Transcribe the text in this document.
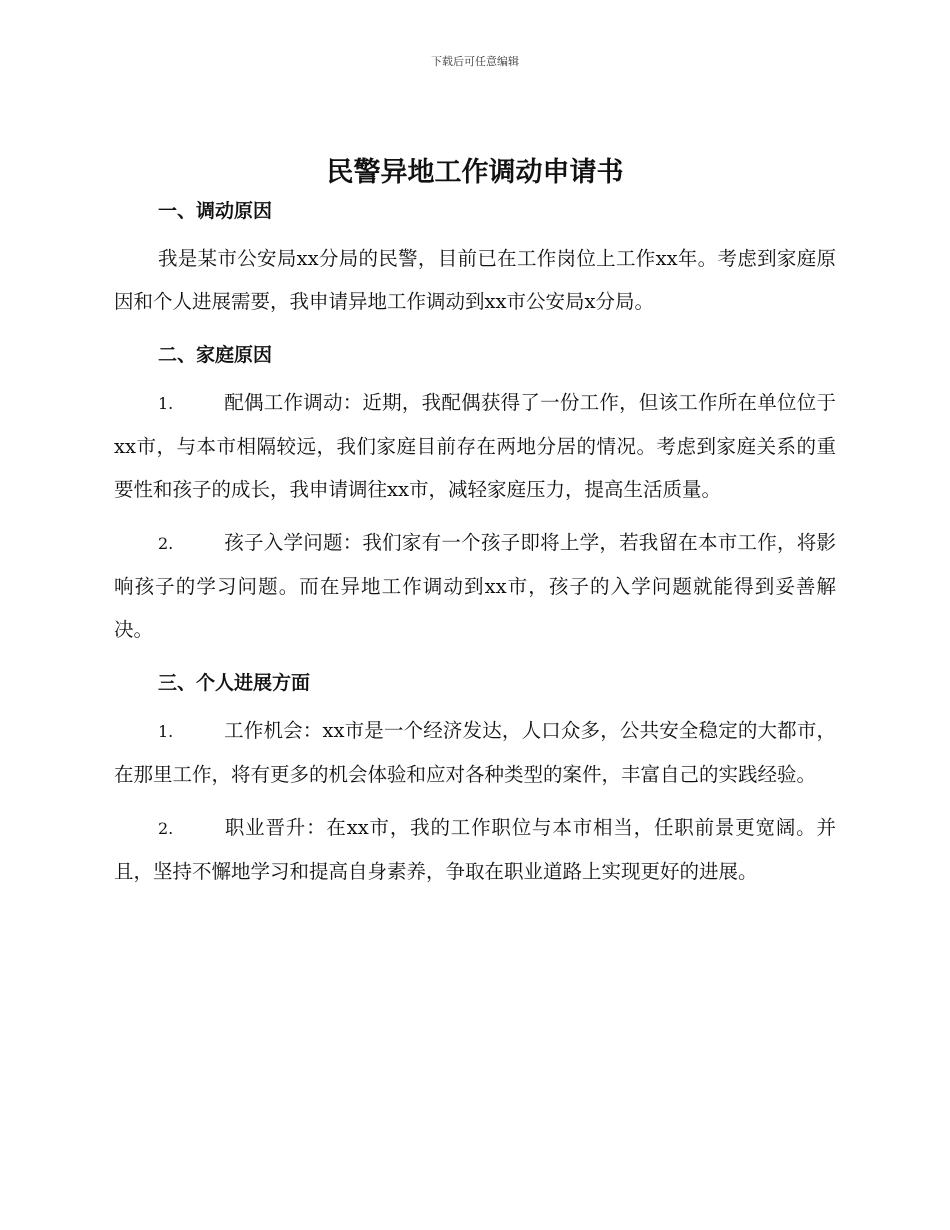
下载后可任意编辑
民警异地工作调动申请书
一、调动原因

我是某市公安局xx分局的民警，目前已在工作岗位上工作xx年。考虑到家庭原因和个人进展需要，我申请异地工作调动到xx市公安局x分局。

二、家庭原因

1.	配偶工作调动：近期，我配偶获得了一份工作，但该工作所在单位位于xx市，与本市相隔较远，我们家庭目前存在两地分居的情况。考虑到家庭关系的重要性和孩子的成长，我申请调往xx市，减轻家庭压力，提高生活质量。

2.	孩子入学问题：我们家有一个孩子即将上学，若我留在本市工作，将影响孩子的学习问题。而在异地工作调动到xx市，孩子的入学问题就能得到妥善解决。

三、个人进展方面

1.	工作机会：xx市是一个经济发达，人口众多，公共安全稳定的大都市，在那里工作，将有更多的机会体验和应对各种类型的案件，丰富自己的实践经验。

2.	职业晋升：在xx市，我的工作职位与本市相当，任职前景更宽阔。并且，坚持不懈地学习和提高自身素养，争取在职业道路上实现更好的进展。
